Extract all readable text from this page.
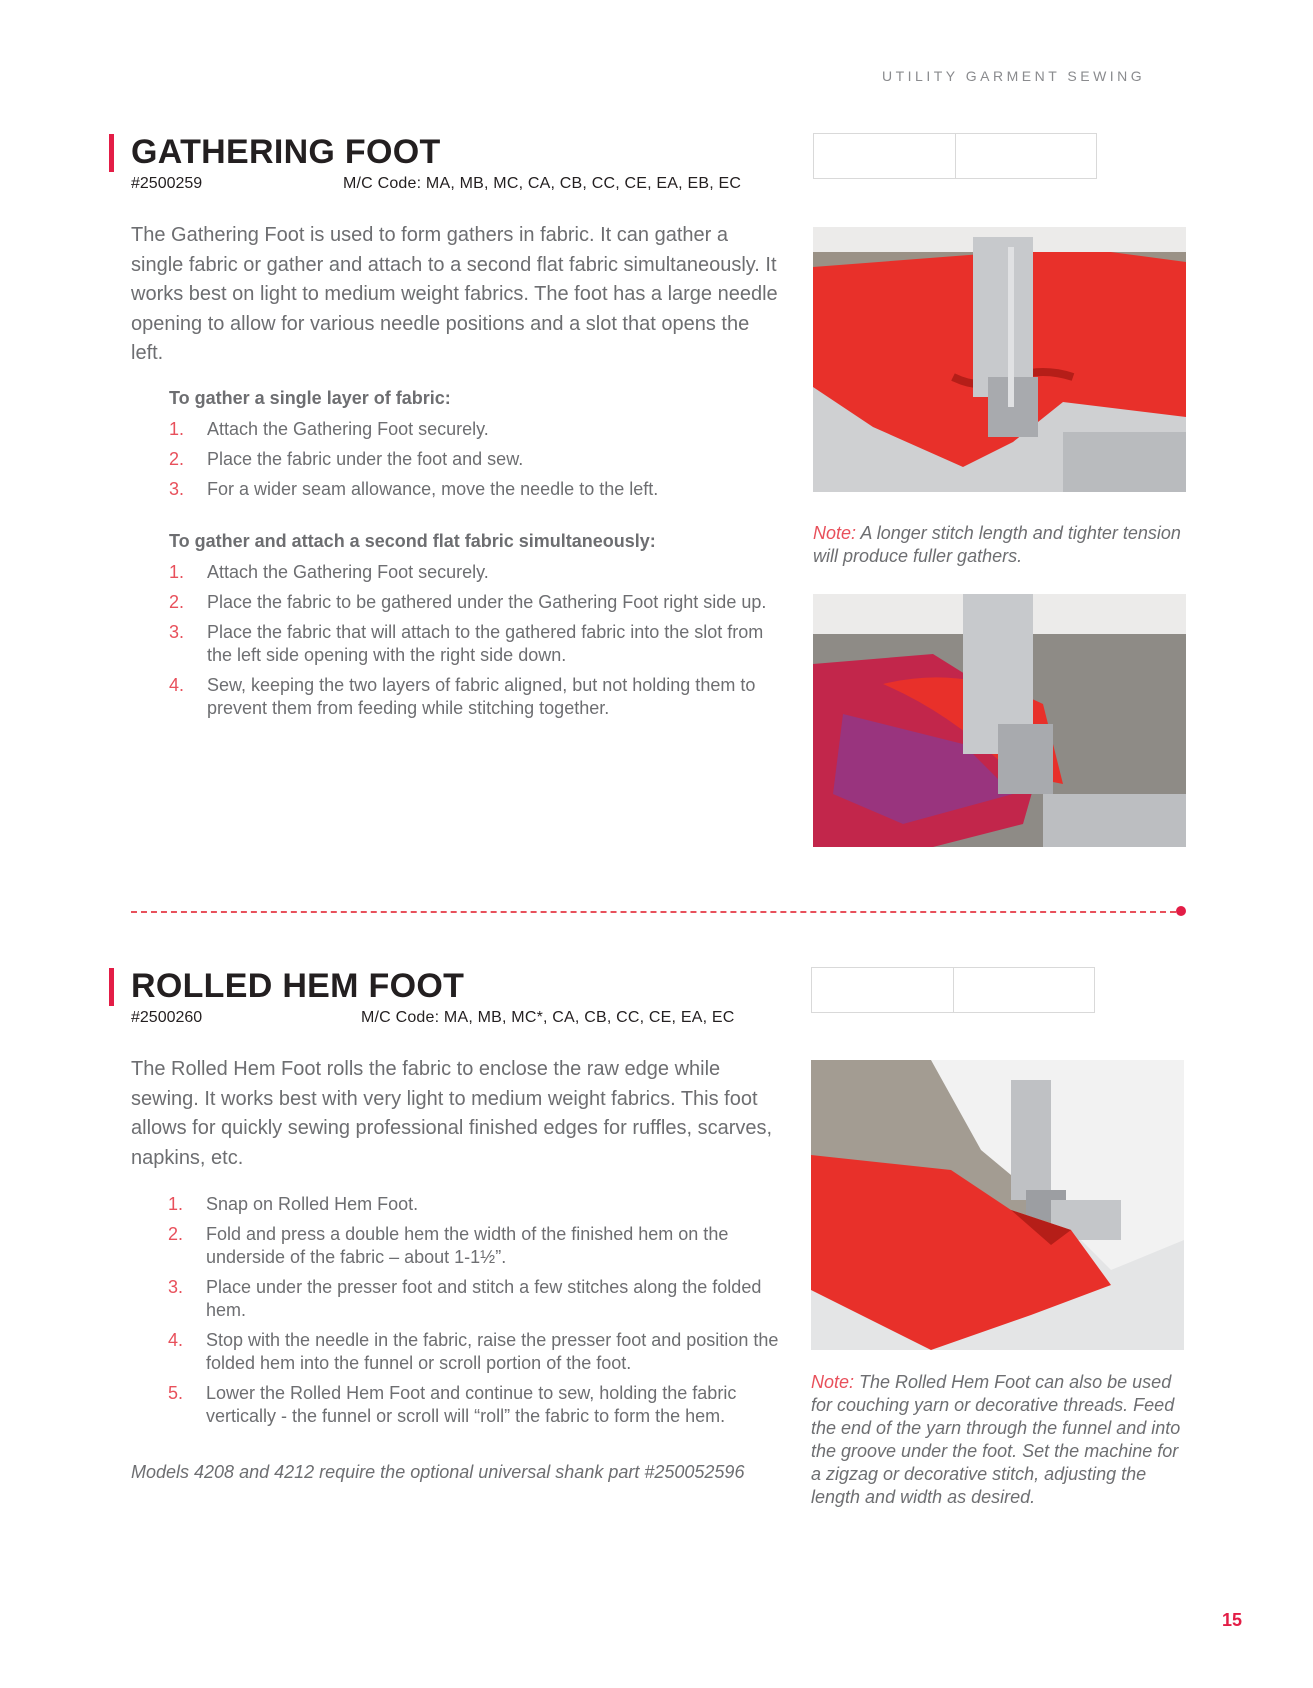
UTILITY GARMENT SEWING
GATHERING FOOT
#2500259	M/C Code: MA, MB, MC, CA, CB, CC, CE, EA, EB, EC

The Gathering Foot is used to form gathers in fabric. It can gather a single fabric or gather and attach to a second flat fabric simultaneously. It works best on light to medium weight fabrics. The foot has a large needle opening to allow for various needle positions and a slot that opens the left.

To gather a single layer of fabric:

1. Attach the Gathering Foot securely.
2. Place the fabric under the foot and sew.
3. For a wider seam allowance, move the needle to the left.

To gather and attach a second flat fabric simultaneously:

1. Attach the Gathering Foot securely.
2. Place the fabric to be gathered under the Gathering Foot right side up.
3. Place the fabric that will attach to the gathered fabric into the slot from the left side opening with the right side down.
4. Sew, keeping the two layers of fabric aligned, but not holding them to prevent them from feeding while stitching together.

Note: A longer stitch length and tighter tension will produce fuller gathers.

ROLLED HEM FOOT
#2500260	M/C Code: MA, MB, MC*, CA, CB, CC, CE, EA, EC

The Rolled Hem Foot rolls the fabric to enclose the raw edge while sewing. It works best with very light to medium weight fabrics. This foot allows for quickly sewing professional finished edges for ruffles, scarves, napkins, etc.

1. Snap on Rolled Hem Foot.
2. Fold and press a double hem the width of the finished hem on the underside of the fabric – about 1-1½”.
3. Place under the presser foot and stitch a few stitches along the folded hem.
4. Stop with the needle in the fabric, raise the presser foot and position the folded hem into the funnel or scroll portion of the foot.
5. Lower the Rolled Hem Foot and continue to sew, holding the fabric vertically - the funnel or scroll will “roll” the fabric to form the hem.

Models 4208 and 4212 require the optional universal shank part #250052596

Note: The Rolled Hem Foot can also be used for couching yarn or decorative threads. Feed the end of the yarn through the funnel and into the groove under the foot. Set the machine for a zigzag or decorative stitch, adjusting the length and width as desired.

15
